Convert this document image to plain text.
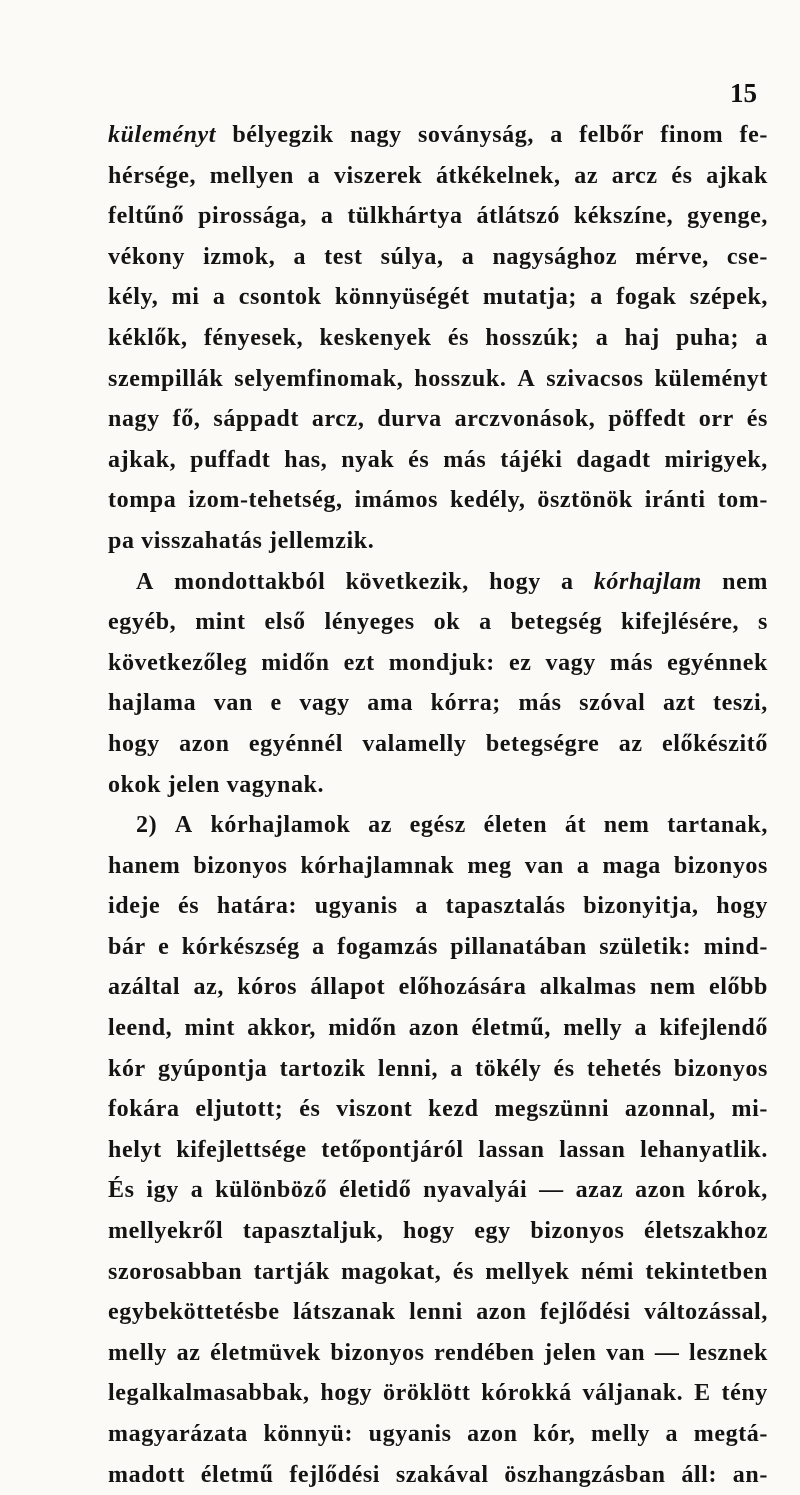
15
küleményt bélyegzik nagy soványság, a felbőr finom fe-
hérsége, mellyen a viszerek átkékelnek, az arcz és ajkak
feltűnő pirossága, a tülkhártya átlátszó kékszíne, gyenge,
vékony izmok, a test súlya, a nagysághoz mérve, cse-
kély, mi a csontok könnyüségét mutatja; a fogak szépek,
kéklők, fényesek, keskenyek és hosszúk; a haj puha; a
szempillák selyemfinomak, hosszuk. A szivacsos küleményt
nagy fő, sáppadt arcz, durva arczvonások, pöffedt orr és
ajkak, puffadt has, nyak és más tájéki dagadt mirigyek,
tompa izom-tehetség, imámos kedély, ösztönök iránti tom-
pa visszahatás jellemzik.
A mondottakból következik, hogy a kórhajlam nem
egyéb, mint első lényeges ok a betegség kifejlésére, s
következőleg midőn ezt mondjuk: ez vagy más egyénnek
hajlama van e vagy ama kórra; más szóval azt teszi,
hogy azon egyénnél valamelly betegségre az előkészitő
okok jelen vagynak.
2) A kórhajlamok az egész életen át nem tartanak,
hanem bizonyos kórhajlamnak meg van a maga bizonyos
ideje és határa: ugyanis a tapasztalás bizonyitja, hogy
bár e kórkészség a fogamzás pillanatában születik: mind-
azáltal az, kóros állapot előhozására alkalmas nem előbb
leend, mint akkor, midőn azon életmű, melly a kifejlendő
kór gyúpontja tartozik lenni, a tökély és tehetés bizonyos
fokára eljutott; és viszont kezd megszünni azonnal, mi-
helyt kifejlettsége tetőpontjáról lassan lassan lehanyatlik.
És igy a különböző életidő nyavalyái — azaz azon kórok,
mellyekről tapasztaljuk, hogy egy bizonyos életszakhoz
szorosabban tartják magokat, és mellyek némi tekintetben
egybeköttetésbe látszanak lenni azon fejlődési változással,
melly az életmüvek bizonyos rendében jelen van — lesznek
legalkalmasabbak, hogy öröklött kórokká váljanak. E tény
magyarázata könnyü: ugyanis azon kór, melly a megtá-
madott életmű fejlődési szakával öszhangzásban áll: an-
